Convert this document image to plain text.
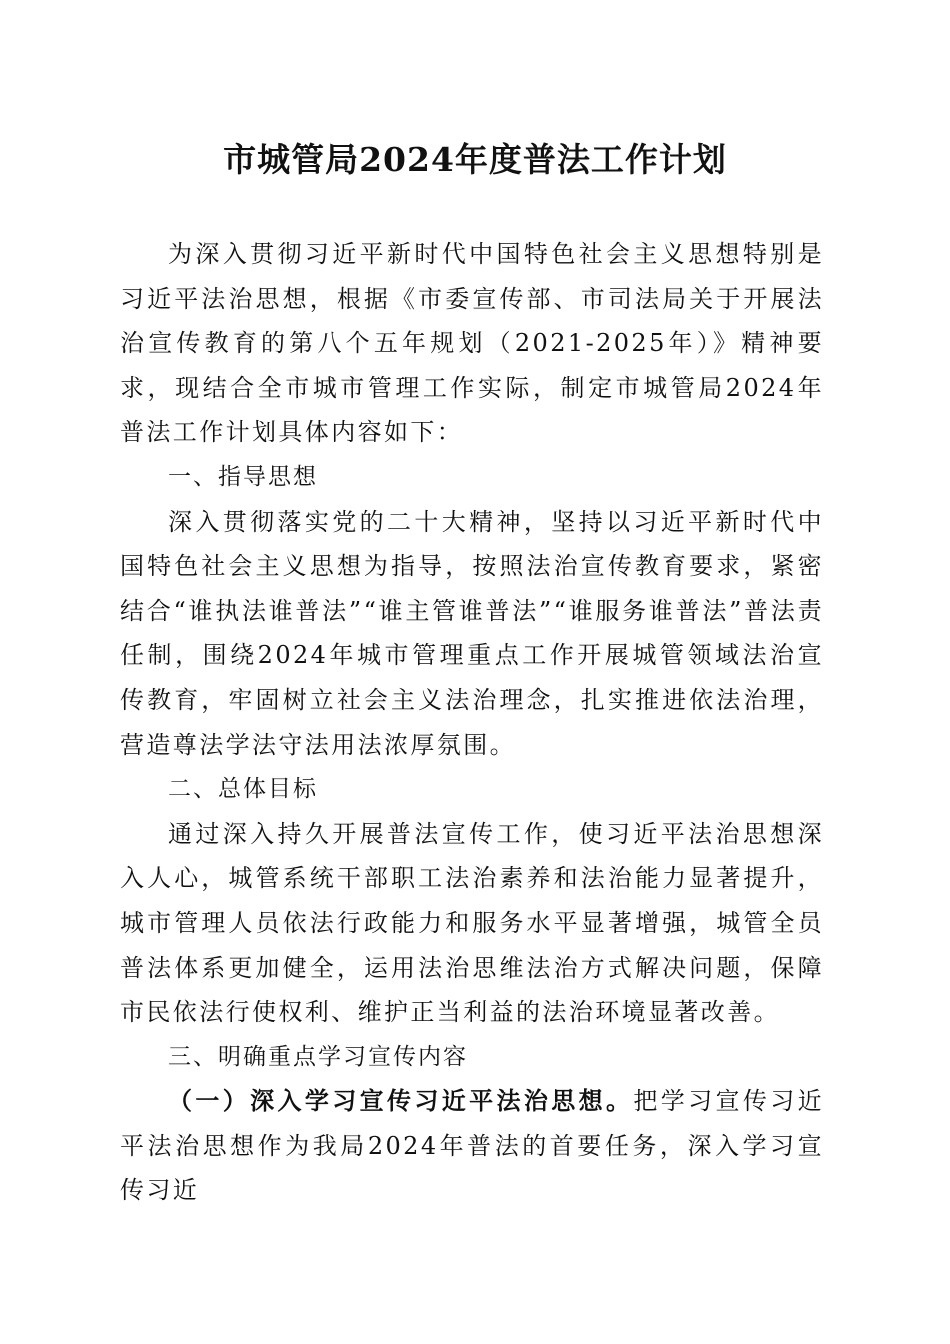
市城管局2024年度普法工作计划

为深入贯彻习近平新时代中国特色社会主义思想特别是习近平法治思想，根据《市委宣传部、市司法局关于开展法治宣传教育的第八个五年规划（2021-2025年）》精神要求，现结合全市城市管理工作实际，制定市城管局2024年普法工作计划具体内容如下：

一、指导思想

深入贯彻落实党的二十大精神，坚持以习近平新时代中国特色社会主义思想为指导，按照法治宣传教育要求，紧密结合“谁执法谁普法”“谁主管谁普法”“谁服务谁普法”普法责任制，围绕2024年城市管理重点工作开展城管领域法治宣传教育，牢固树立社会主义法治理念，扎实推进依法治理，营造尊法学法守法用法浓厚氛围。

二、总体目标

通过深入持久开展普法宣传工作，使习近平法治思想深入人心，城管系统干部职工法治素养和法治能力显著提升，城市管理人员依法行政能力和服务水平显著增强，城管全员普法体系更加健全，运用法治思维法治方式解决问题，保障市民依法行使权利、维护正当利益的法治环境显著改善。

三、明确重点学习宣传内容

（一）深入学习宣传习近平法治思想。把学习宣传习近平法治思想作为我局2024年普法的首要任务，深入学习宣传习近
